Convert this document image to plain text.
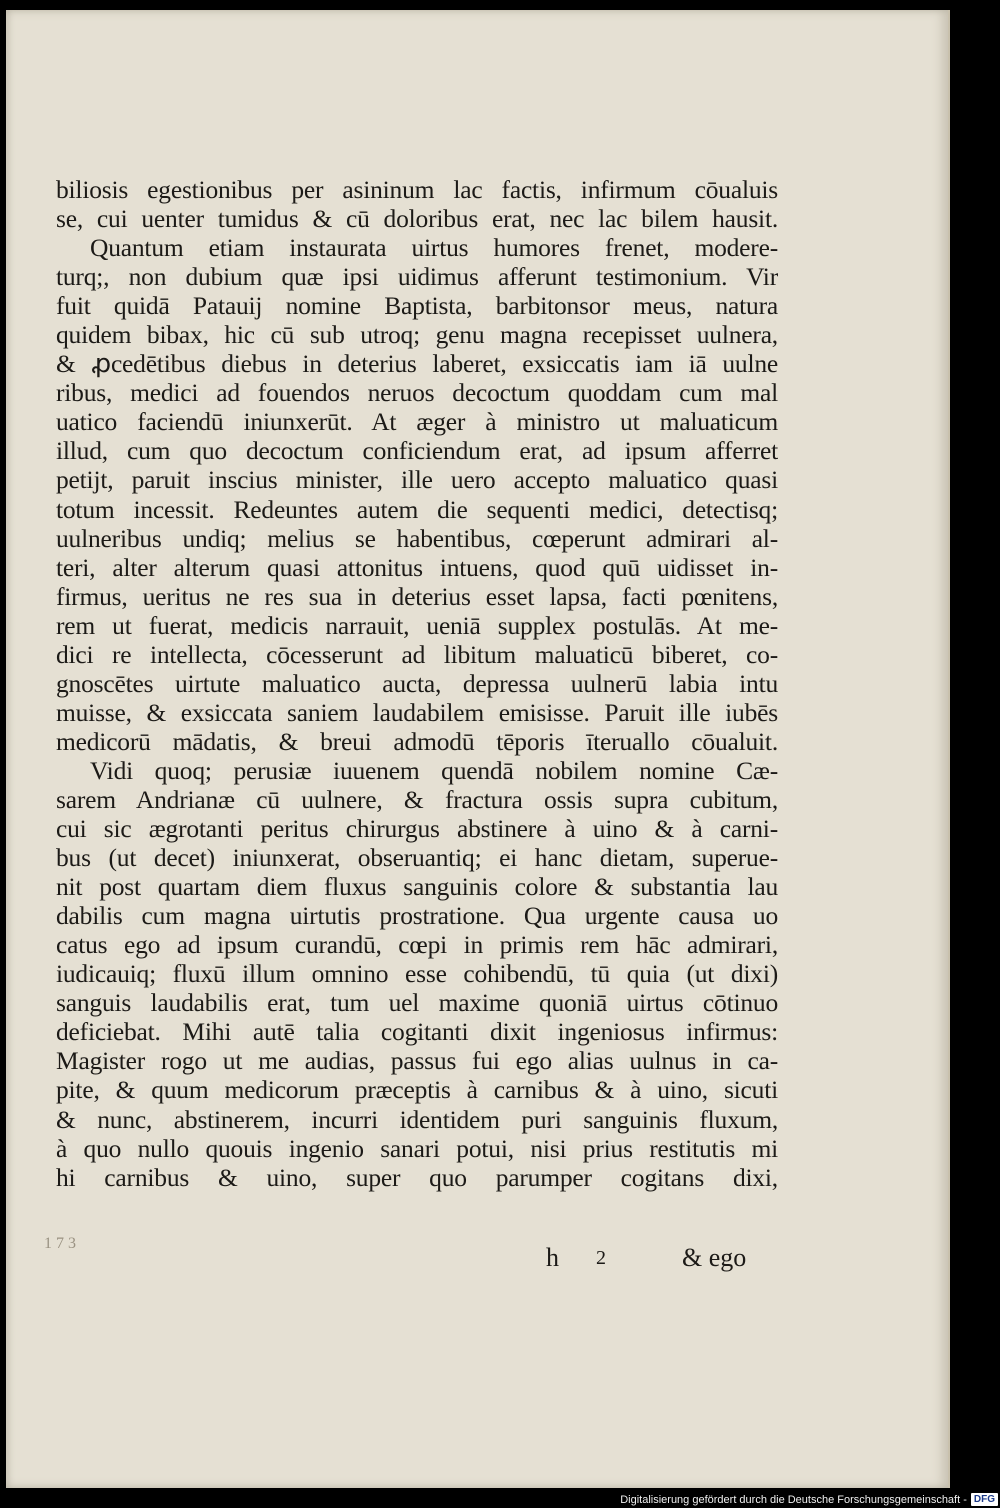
biliosis egestionibus per asininum lac factis, infirmum cōualuis
se, cui uenter tumidus & cū doloribus erat, nec lac bilem hausit.
Quantum etiam instaurata uirtus humores frenet, modere-
turq;, non dubium quæ ipsi uidimus afferunt testimonium. Vir
fuit quidā Patauij nomine Baptista, barbitonsor meus, natura
quidem bibax, hic cū sub utroq; genu magna recepisset uulnera,
& ꝓcedētibus diebus in deterius laberet, exsiccatis iam iā uulne
ribus, medici ad fouendos neruos decoctum quoddam cum mal
uatico faciendū iniunxerūt. At æger à ministro ut maluaticum
illud, cum quo decoctum conficiendum erat, ad ipsum afferret
petijt, paruit inscius minister, ille uero accepto maluatico quasi
totum incessit. Redeuntes autem die sequenti medici, detectisq;
uulneribus undiq; melius se habentibus, cœperunt admirari al-
teri, alter alterum quasi attonitus intuens, quod quū uidisset in-
firmus, ueritus ne res sua in deterius esset lapsa, facti pœnitens,
rem ut fuerat, medicis narrauit, ueniā supplex postulās. At me-
dici re intellecta, cōcesserunt ad libitum maluaticū biberet, co-
gnoscētes uirtute maluatico aucta, depressa uulnerū labia intu
muisse, & exsiccata saniem laudabilem emisisse. Paruit ille iubēs
medicorū mādatis, & breui admodū tēporis īteruallo cōualuit.
Vidi quoq; perusiæ iuuenem quendā nobilem nomine Cæ-
sarem Andrianæ cū uulnere, & fractura ossis supra cubitum,
cui sic ægrotanti peritus chirurgus abstinere à uino & à carni-
bus (ut decet) iniunxerat, obseruantiq; ei hanc dietam, superue-
nit post quartam diem fluxus sanguinis colore & substantia lau
dabilis cum magna uirtutis prostratione. Qua urgente causa uo
catus ego ad ipsum curandū, cœpi in primis rem hāc admirari,
iudicauiq; fluxū illum omnino esse cohibendū, tū quia (ut dixi)
sanguis laudabilis erat, tum uel maxime quoniā uirtus cōtinuo
deficiebat. Mihi autē talia cogitanti dixit ingeniosus infirmus:
Magister rogo ut me audias, passus fui ego alias uulnus in ca-
pite, & quum medicorum præceptis à carnibus & à uino, sicuti
& nunc, abstinerem, incurri identidem puri sanguinis fluxum,
à quo nullo quouis ingenio sanari potui, nisi prius restitutis mi
hi carnibus & uino, super quo parumper cogitans dixi,
1 7 3	h 2	& ego
Digitalisierung gefördert durch die Deutsche Forschungsgemeinschaft - DFG
